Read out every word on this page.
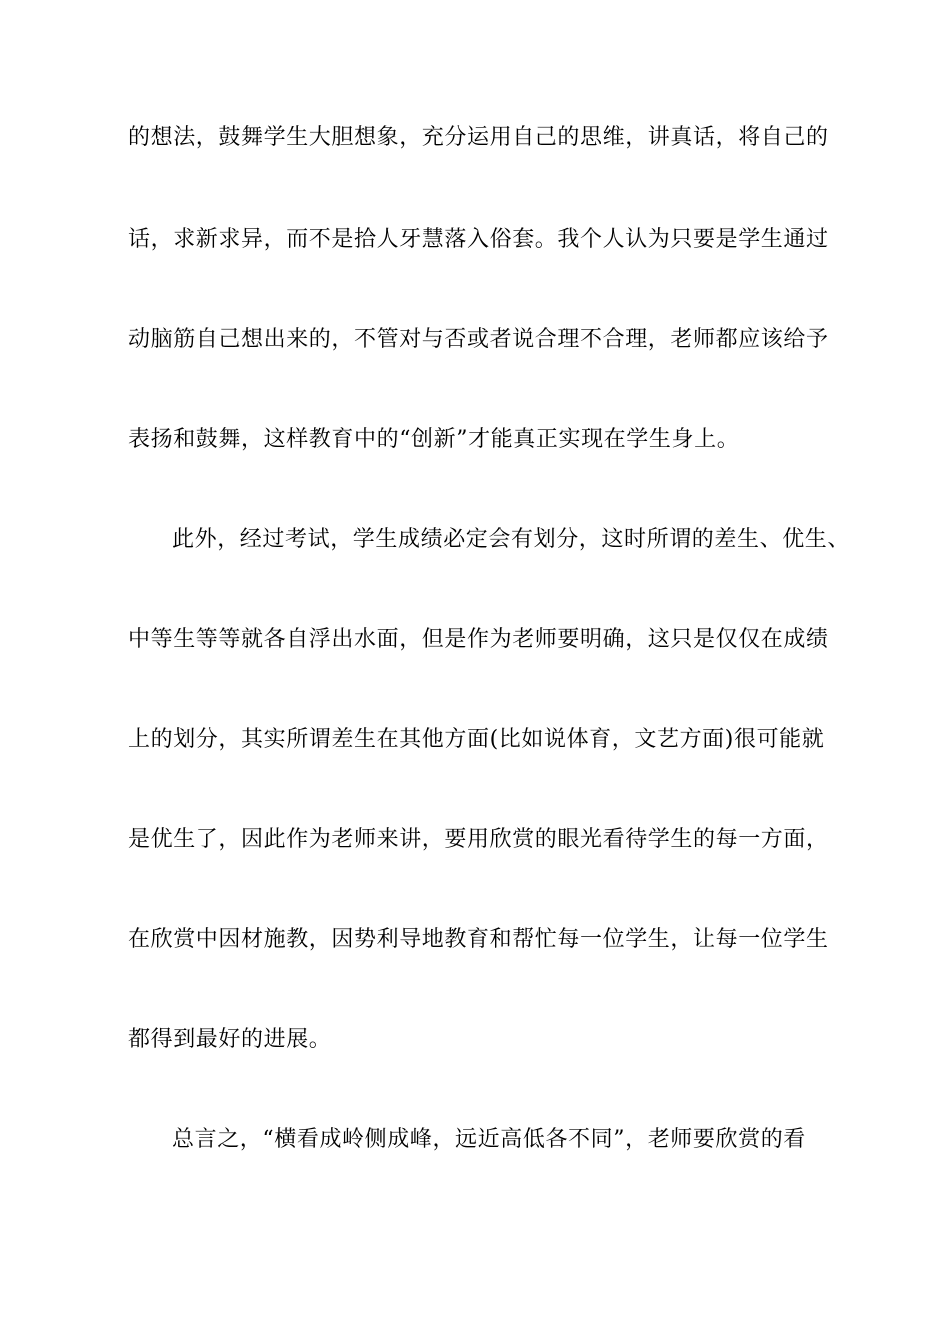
的想法，鼓舞学生大胆想象，充分运用自己的思维，讲真话，将自己的
话，求新求异，而不是拾人牙慧落入俗套。我个人认为只要是学生通过
动脑筋自己想出来的，不管对与否或者说合理不合理，老师都应该给予
表扬和鼓舞，这样教育中的“创新”才能真正实现在学生身上。
此外，经过考试，学生成绩必定会有划分，这时所谓的差生、优生、
中等生等等就各自浮出水面，但是作为老师要明确，这只是仅仅在成绩
上的划分，其实所谓差生在其他方面(比如说体育，文艺方面)很可能就
是优生了，因此作为老师来讲，要用欣赏的眼光看待学生的每一方面，
在欣赏中因材施教，因势利导地教育和帮忙每一位学生，让每一位学生
都得到最好的进展。
总言之，“横看成岭侧成峰，远近高低各不同”，老师要欣赏的看
